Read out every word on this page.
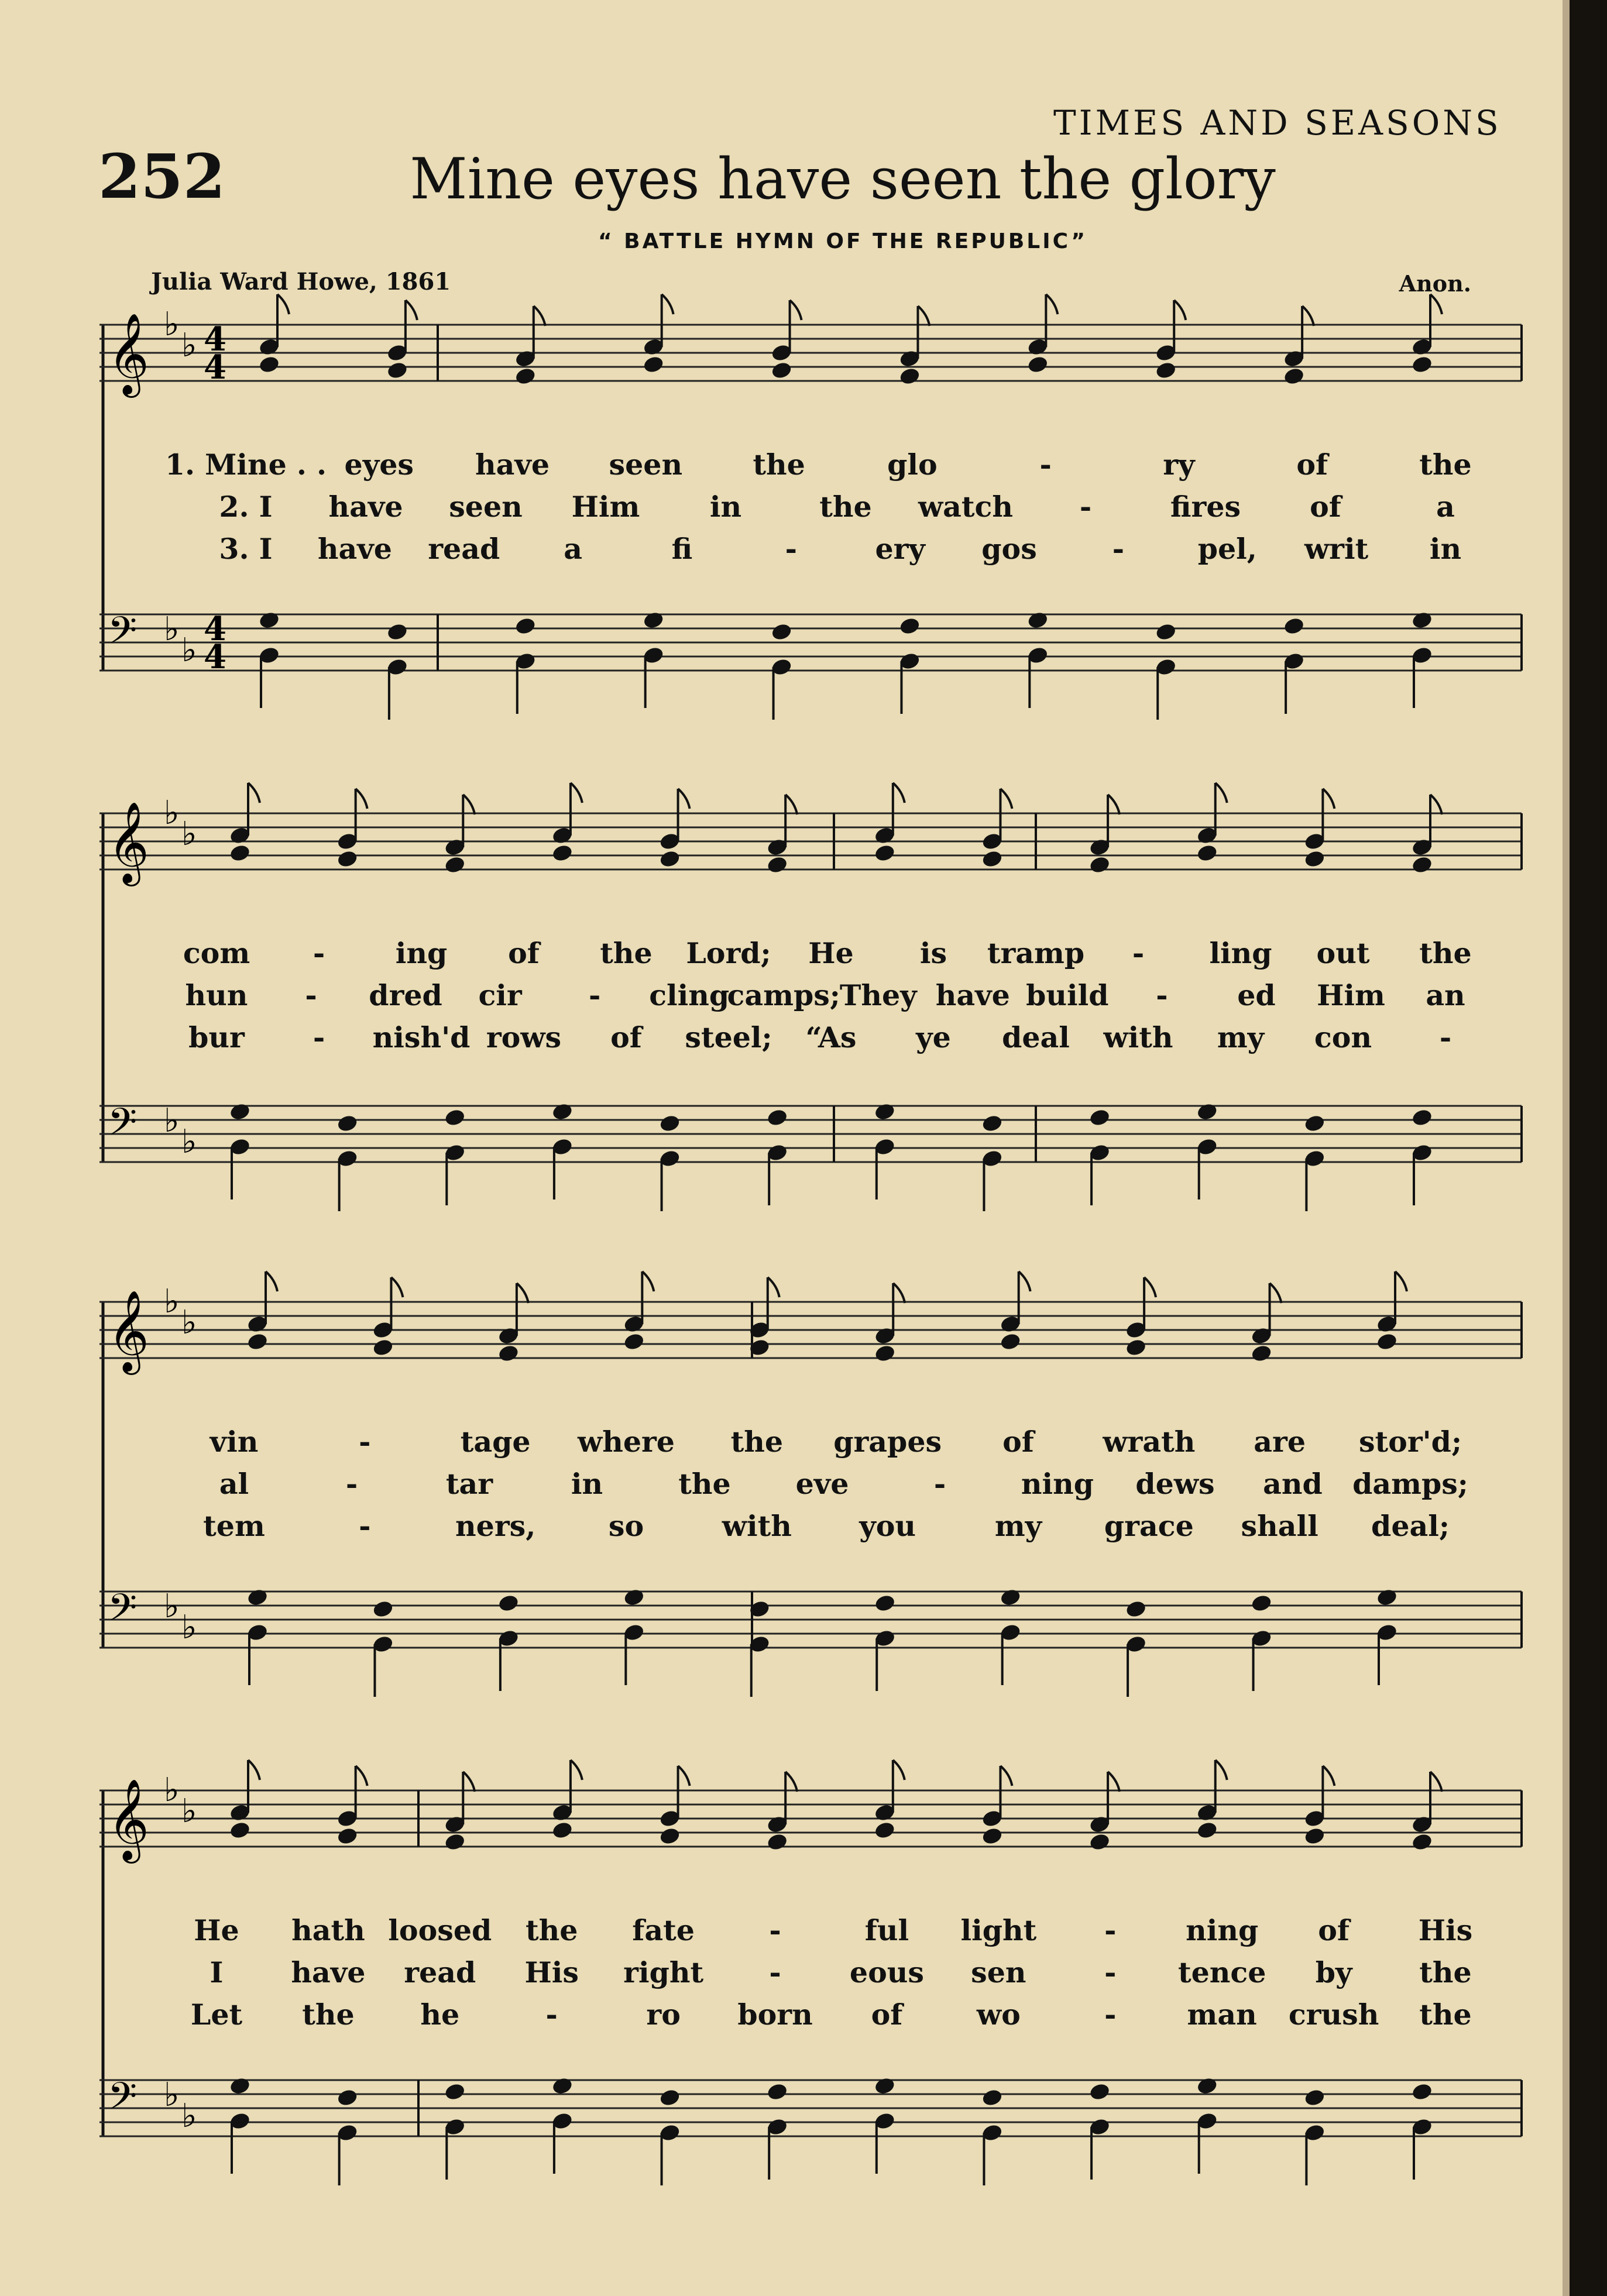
TIMES AND SEASONS
252	Mine eyes have seen the glory
“ BATTLE HYMN OF THE REPUBLIC”
Julia Ward Howe, 1861	Anon.
𝄞 ♭
♭
𝄢 ♭
♭
𝄞 ♭
♭
𝄢 ♭
♭
𝄞 ♭
♭
𝄢 ♭
♭
𝄞 ♭
♭
𝄢 ♭
♭
4
4
4
4
1. Mine . . eyes have seen the	glo	-	ry	of	the
2. I have seen Him in	the watch -	fires of	a
3. I have read a	fi	-	ery gos	-	pel, writ in
com - ing of the Lord; He is tramp - ling out the
hun - dred cir - cling
camps;
They have build - ed Him an
bur - nish'd rows of steel; “As ye deal with my con -
vin	-	tage where the grapes of wrath are stor'd;
al	-	tar	in	the eve	-	ning dews and damps;
tem	-	ners,	so	with you	my grace shall deal;
He hath loosed the fate	-	ful light - ning of His
I have read His right - eous sen	- tence by the
Let the he	-	ro born of	wo	- man crush the
